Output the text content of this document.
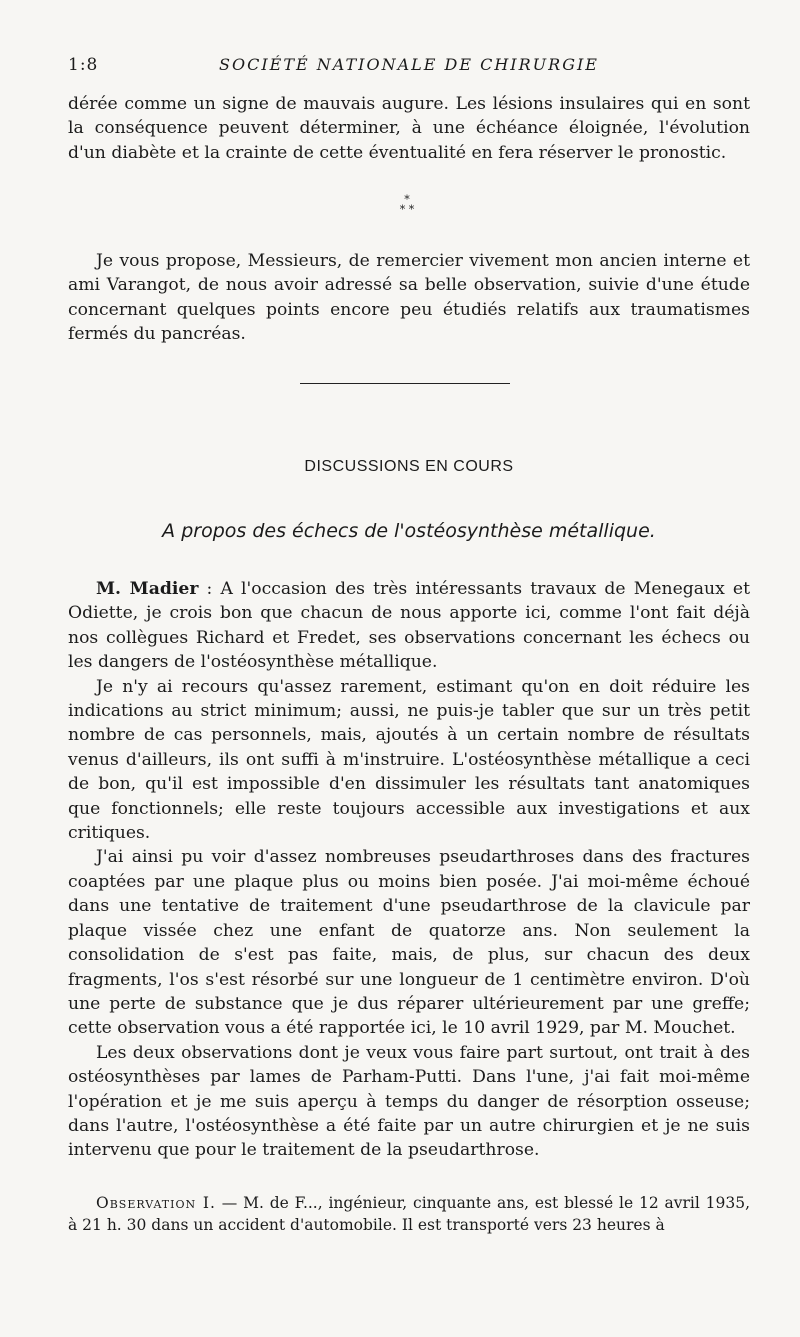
1:8	SOCIÉTÉ NATIONALE DE CHIRURGIE

dérée comme un signe de mauvais augure. Les lésions insulaires qui en sont la conséquence peuvent déterminer, à une échéance éloignée, l'évolution d'un diabète et la crainte de cette éventualité en fera réserver le pronostic.

*
* *

Je vous propose, Messieurs, de remercier vivement mon ancien interne et ami Varangot, de nous avoir adressé sa belle observation, suivie d'une étude concernant quelques points encore peu étudiés relatifs aux traumatismes fermés du pancréas.

DISCUSSIONS EN COURS
A propos des échecs de l'ostéosynthèse métallique.

M. Madier : A l'occasion des très intéressants travaux de Menegaux et Odiette, je crois bon que chacun de nous apporte ici, comme l'ont fait déjà nos collègues Richard et Fredet, ses observations concernant les échecs ou les dangers de l'ostéosynthèse métallique.

Je n'y ai recours qu'assez rarement, estimant qu'on en doit réduire les indications au strict minimum; aussi, ne puis-je tabler que sur un très petit nombre de cas personnels, mais, ajoutés à un certain nombre de résultats venus d'ailleurs, ils ont suffi à m'instruire. L'ostéosynthèse métallique a ceci de bon, qu'il est impossible d'en dissimuler les résultats tant anatomiques que fonctionnels; elle reste toujours accessible aux investigations et aux critiques.

J'ai ainsi pu voir d'assez nombreuses pseudarthroses dans des fractures coaptées par une plaque plus ou moins bien posée. J'ai moi-même échoué dans une tentative de traitement d'une pseudarthrose de la clavicule par plaque vissée chez une enfant de quatorze ans. Non seulement la consolidation de s'est pas faite, mais, de plus, sur chacun des deux fragments, l'os s'est résorbé sur une longueur de 1 centimètre environ. D'où une perte de substance que je dus réparer ultérieurement par une greffe; cette observation vous a été rapportée ici, le 10 avril 1929, par M. Mouchet.

Les deux observations dont je veux vous faire part surtout, ont trait à des ostéosynthèses par lames de Parham-Putti. Dans l'une, j'ai fait moi-même l'opération et je me suis aperçu à temps du danger de résorption osseuse; dans l'autre, l'ostéosynthèse a été faite par un autre chirurgien et je ne suis intervenu que pour le traitement de la pseudarthrose.

Observation I. — M. de F..., ingénieur, cinquante ans, est blessé le 12 avril 1935, à 21 h. 30 dans un accident d'automobile. Il est transporté vers 23 heures à
